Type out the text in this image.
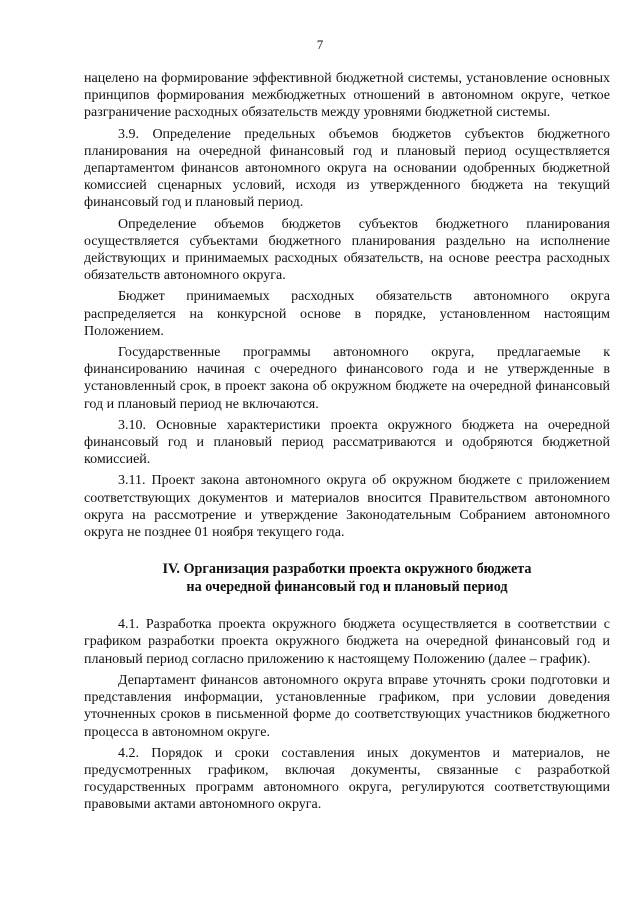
7

нацелено на формирование эффективной бюджетной системы, установление основных принципов формирования межбюджетных отношений в автономном округе, четкое разграничение расходных обязательств между уровнями бюджетной системы.

3.9. Определение предельных объемов бюджетов субъектов бюджетного планирования на очередной финансовый год и плановый период осуществляется департаментом финансов автономного округа на основании одобренных бюджетной комиссией сценарных условий, исходя из утвержденного бюджета на текущий финансовый год и плановый период.

Определение объемов бюджетов субъектов бюджетного планирования осуществляется субъектами бюджетного планирования раздельно на исполнение действующих и принимаемых расходных обязательств, на основе реестра расходных обязательств автономного округа.

Бюджет принимаемых расходных обязательств автономного округа распределяется на конкурсной основе в порядке, установленном настоящим Положением.

Государственные программы автономного округа, предлагаемые к финансированию начиная с очередного финансового года и не утвержденные в установленный срок, в проект закона об окружном бюджете на очередной финансовый год и плановый период не включаются.

3.10. Основные характеристики проекта окружного бюджета на очередной финансовый год и плановый период рассматриваются и одобряются бюджетной комиссией.

3.11. Проект закона автономного округа об окружном бюджете с приложением соответствующих документов и материалов вносится Правительством автономного округа на рассмотрение и утверждение Законодательным Собранием автономного округа не позднее 01 ноября текущего года.

IV. Организация разработки проекта окружного бюджета
на очередной финансовый год и плановый период

4.1. Разработка проекта окружного бюджета осуществляется в соответствии с графиком разработки проекта окружного бюджета на очередной финансовый год и плановый период согласно приложению к настоящему Положению (далее – график).

Департамент финансов автономного округа вправе уточнять сроки подготовки и представления информации, установленные графиком, при условии доведения уточненных сроков в письменной форме до соответствующих участников бюджетного процесса в автономном округе.

4.2. Порядок и сроки составления иных документов и материалов, не предусмотренных графиком, включая документы, связанные с разработкой государственных программ автономного округа, регулируются соответствующими правовыми актами автономного округа.
